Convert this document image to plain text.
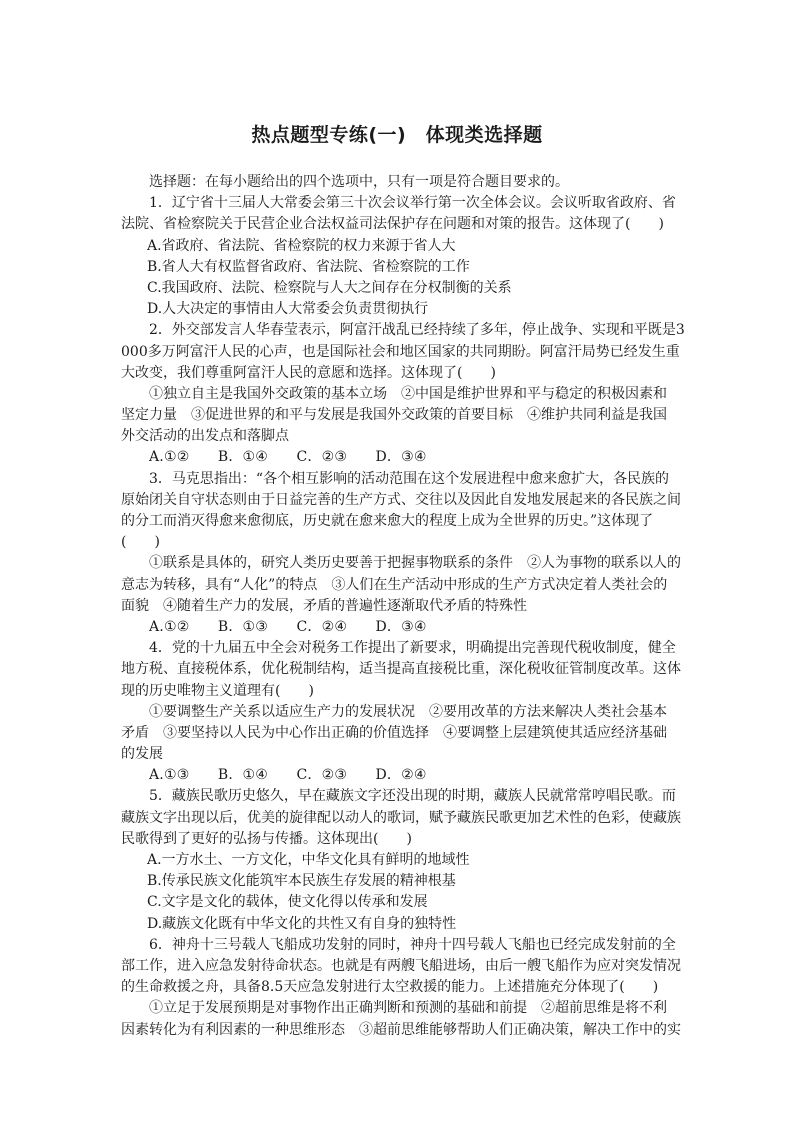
热点题型专练(一)　体现类选择题
选择题：在每小题给出的四个选项中，只有一项是符合题目要求的。
1．辽宁省十三届人大常委会第三十次会议举行第一次全体会议。会议听取省政府、省
法院、省检察院关于民营企业合法权益司法保护存在问题和对策的报告。这体现了(　　)
A.省政府、省法院、省检察院的权力来源于省人大
B.省人大有权监督省政府、省法院、省检察院的工作
C.我国政府、法院、检察院与人大之间存在分权制衡的关系
D.人大决定的事情由人大常委会负责贯彻执行
2．外交部发言人华春莹表示，阿富汗战乱已经持续了多年，停止战争、实现和平既是3
000多万阿富汗人民的心声，也是国际社会和地区国家的共同期盼。阿富汗局势已经发生重
大改变，我们尊重阿富汗人民的意愿和选择。这体现了(　　)
①独立自主是我国外交政策的基本立场　②中国是维护世界和平与稳定的积极因素和
坚定力量　③促进世界的和平与发展是我国外交政策的首要目标　④维护共同利益是我国
外交活动的出发点和落脚点
A.①②　　B．①④　　C．②③　　D．③④
3．马克思指出：“各个相互影响的活动范围在这个发展进程中愈来愈扩大，各民族的
原始闭关自守状态则由于日益完善的生产方式、交往以及因此自发地发展起来的各民族之间
的分工而消灭得愈来愈彻底，历史就在愈来愈大的程度上成为全世界的历史。”这体现了
(　　)
①联系是具体的，研究人类历史要善于把握事物联系的条件　②人为事物的联系以人的
意志为转移，具有“人化”的特点　③人们在生产活动中形成的生产方式决定着人类社会的
面貌　④随着生产力的发展，矛盾的普遍性逐渐取代矛盾的特殊性
A.①②　　B．①③　　C．②④　　D．③④
4．党的十九届五中全会对税务工作提出了新要求，明确提出完善现代税收制度，健全
地方税、直接税体系，优化税制结构，适当提高直接税比重，深化税收征管制度改革。这体
现的历史唯物主义道理有(　　)
①要调整生产关系以适应生产力的发展状况　②要用改革的方法来解决人类社会基本
矛盾　③要坚持以人民为中心作出正确的价值选择　④要调整上层建筑使其适应经济基础
的发展
A.①③　　B．①④　　C．②③　　D．②④
5．藏族民歌历史悠久，早在藏族文字还没出现的时期，藏族人民就常常哼唱民歌。而
藏族文字出现以后，优美的旋律配以动人的歌词，赋予藏族民歌更加艺术性的色彩，使藏族
民歌得到了更好的弘扬与传播。这体现出(　　)
A.一方水土、一方文化，中华文化具有鲜明的地域性
B.传承民族文化能筑牢本民族生存发展的精神根基
C.文字是文化的载体，使文化得以传承和发展
D.藏族文化既有中华文化的共性又有自身的独特性
6．神舟十三号载人飞船成功发射的同时，神舟十四号载人飞船也已经完成发射前的全
部工作，进入应急发射待命状态。也就是有两艘飞船进场，由后一艘飞船作为应对突发情况
的生命救援之舟，具备8.5天应急发射进行太空救援的能力。上述措施充分体现了(　　)
①立足于发展预期是对事物作出正确判断和预测的基础和前提　②超前思维是将不利
因素转化为有利因素的一种思维形态　③超前思维能够帮助人们正确决策，解决工作中的实
